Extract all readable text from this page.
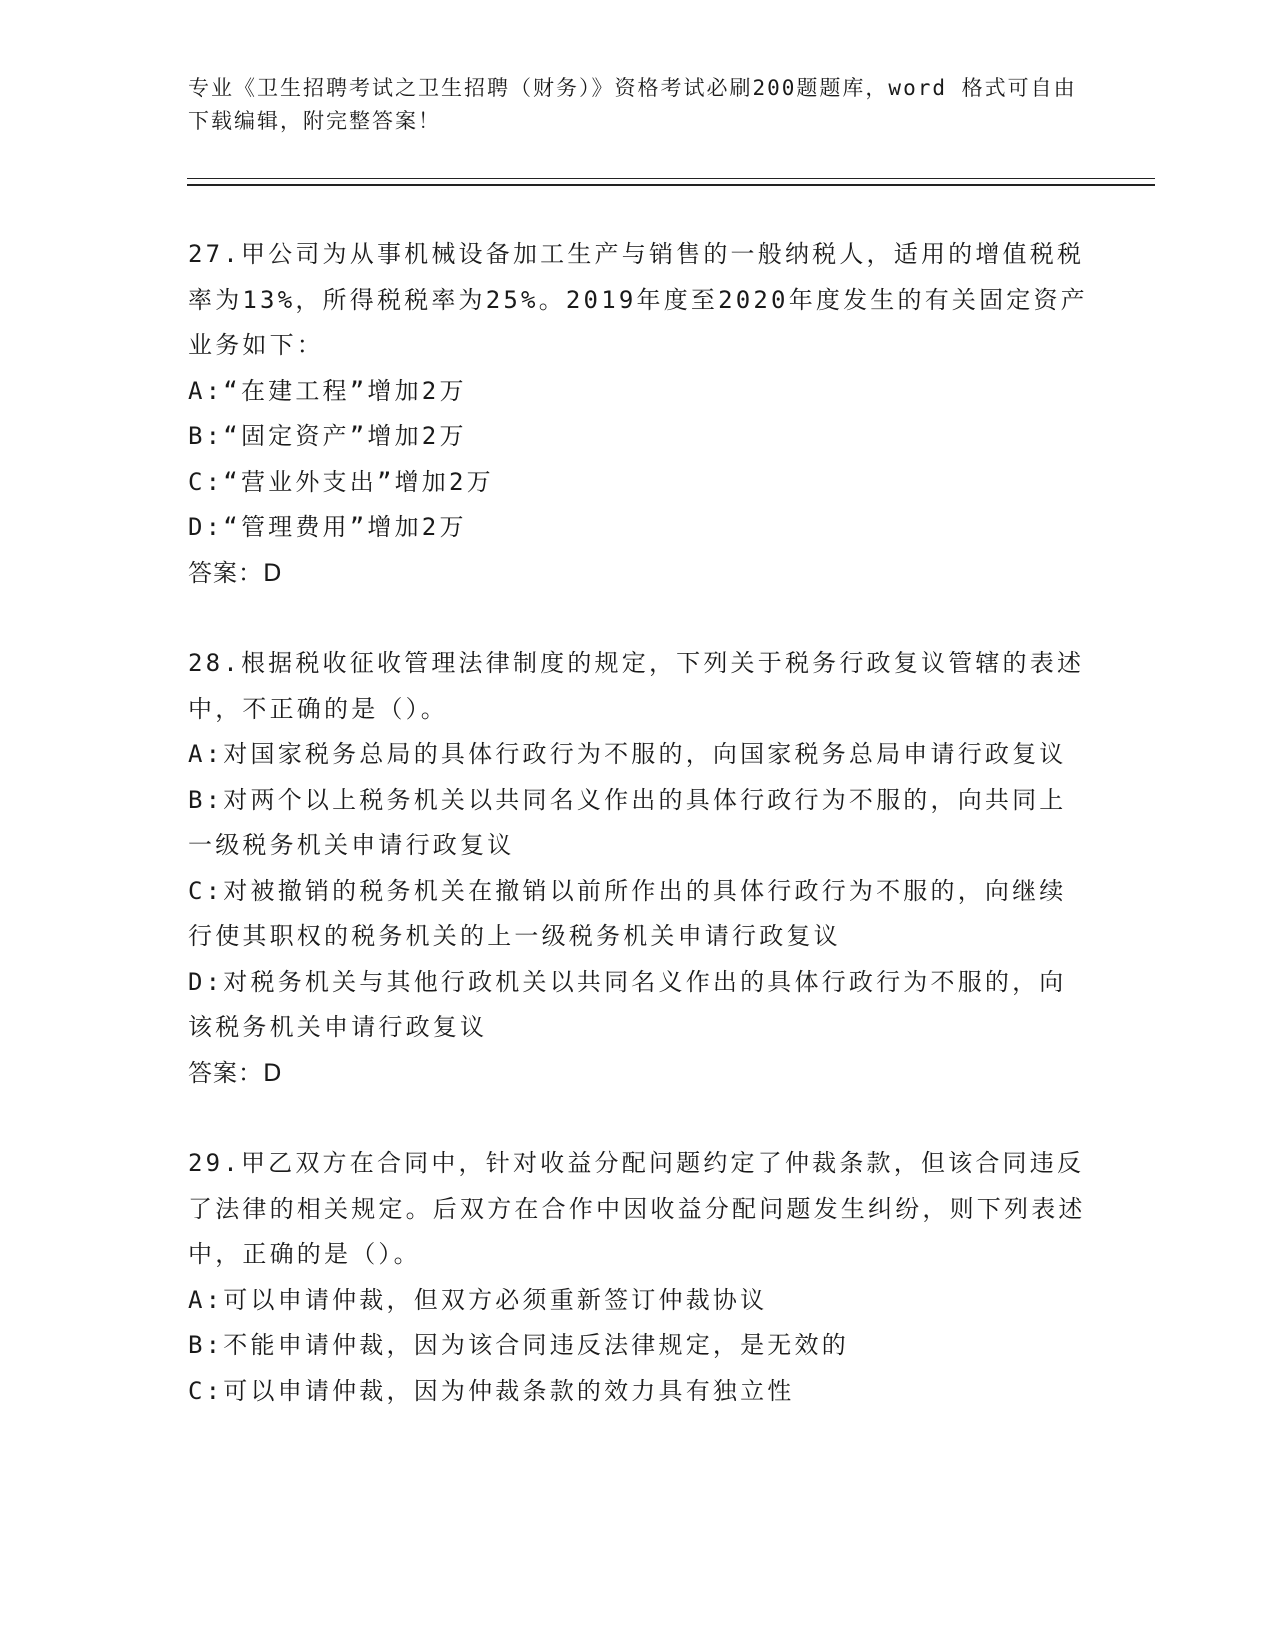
专业《卫生招聘考试之卫生招聘（财务）》资格考试必刷200题题库，word 格式可自由下载编辑，附完整答案！
27.甲公司为从事机械设备加工生产与销售的一般纳税人，适用的增值税税率为13%，所得税税率为25%。2019年度至2020年度发生的有关固定资产业务如下：
A:“在建工程”增加2万
B:“固定资产”增加2万
C:“营业外支出”增加2万
D:“管理费用”增加2万
答案：D
28.根据税收征收管理法律制度的规定，下列关于税务行政复议管辖的表述中，不正确的是（）。
A:对国家税务总局的具体行政行为不服的，向国家税务总局申请行政复议
B:对两个以上税务机关以共同名义作出的具体行政行为不服的，向共同上一级税务机关申请行政复议
C:对被撤销的税务机关在撤销以前所作出的具体行政行为不服的，向继续行使其职权的税务机关的上一级税务机关申请行政复议
D:对税务机关与其他行政机关以共同名义作出的具体行政行为不服的，向该税务机关申请行政复议
答案：D
29.甲乙双方在合同中，针对收益分配问题约定了仲裁条款，但该合同违反了法律的相关规定。后双方在合作中因收益分配问题发生纠纷，则下列表述中，正确的是（）。
A:可以申请仲裁，但双方必须重新签订仲裁协议
B:不能申请仲裁，因为该合同违反法律规定，是无效的
C:可以申请仲裁，因为仲裁条款的效力具有独立性
